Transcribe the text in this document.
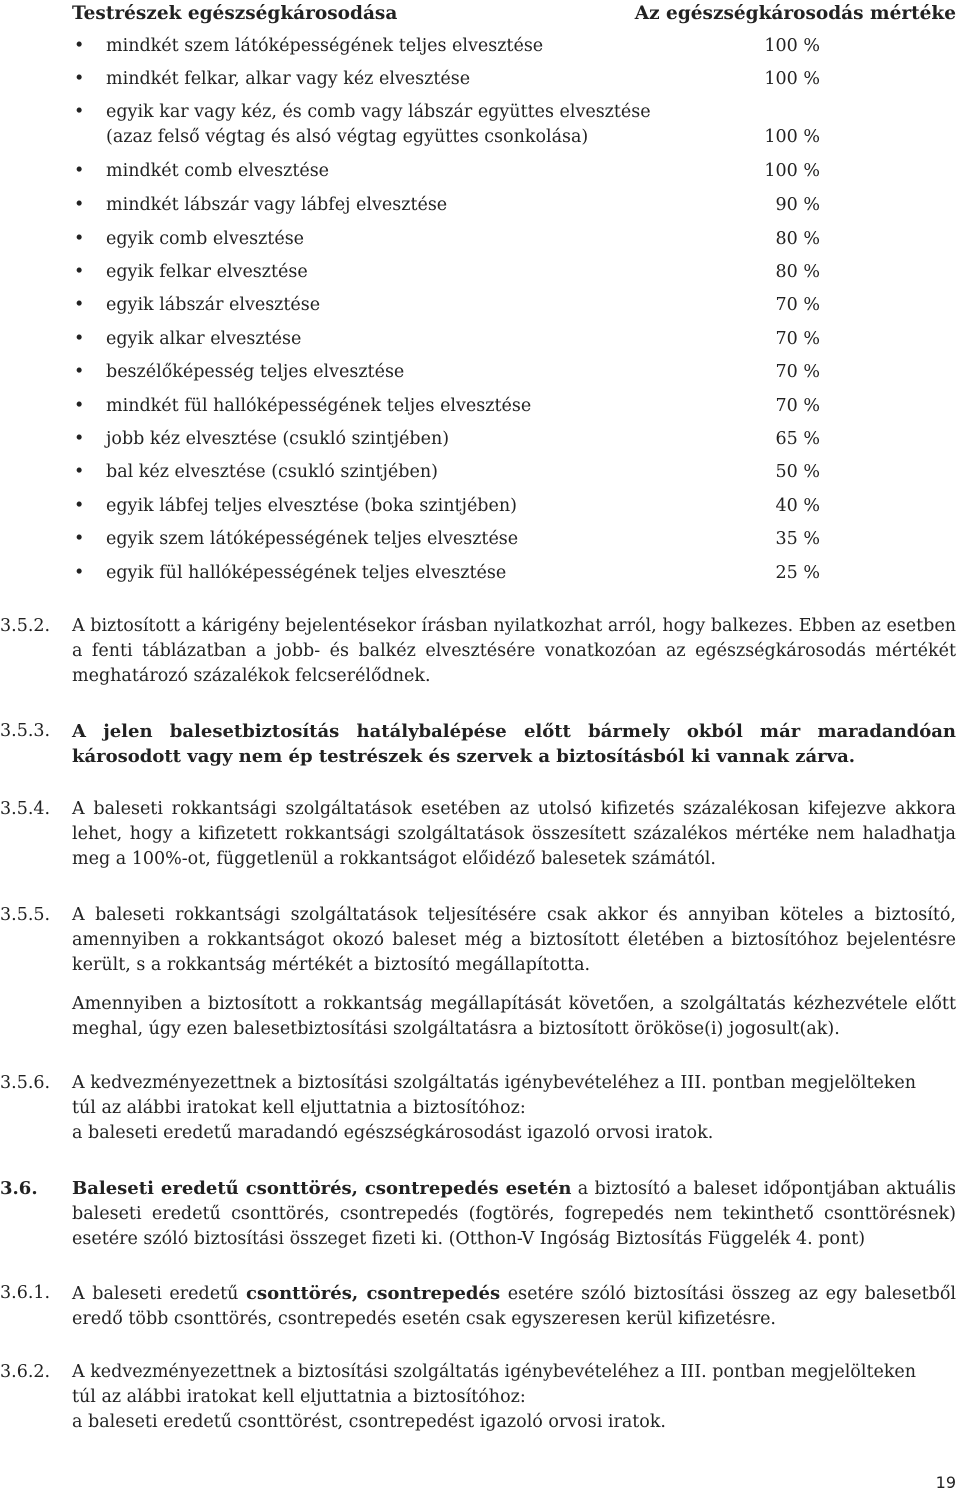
Testrészek egészségkárosodása	Az egészségkárosodás mértéke
• mindkét szem látóképességének teljes elvesztése	100 %
• mindkét felkar, alkar vagy kéz elvesztése	100 %
• egyik kar vagy kéz, és comb vagy lábszár együttes elvesztése
(azaz felső végtag és alsó végtag együttes csonkolása)	100 %
• mindkét comb elvesztése	100 %
• mindkét lábszár vagy lábfej elvesztése	90 %
• egyik comb elvesztése	80 %
• egyik felkar elvesztése	80 %
• egyik lábszár elvesztése	70 %
• egyik alkar elvesztése	70 %
• beszélőképesség teljes elvesztése	70 %
• mindkét fül hallóképességének teljes elvesztése	70 %
• jobb kéz elvesztése (csukló szintjében)	65 %
• bal kéz elvesztése (csukló szintjében)	50 %
• egyik lábfej teljes elvesztése (boka szintjében)	40 %
• egyik szem látóképességének teljes elvesztése	35 %
• egyik fül hallóképességének teljes elvesztése	25 %
3.5.2. A biztosított a kárigény bejelentésekor írásban nyilatkozhat arról, hogy balkezes. Ebben az esetben a fenti táblázatban a jobb- és balkéz elvesztésére vonatkozóan az egészségkárosodás mértékét meghatározó százalékok felcserélődnek.
3.5.3. A jelen balesetbiztosítás hatálybalépése előtt bármely okból már maradandóan károsodott vagy nem ép testrészek és szervek a biztosításból ki vannak zárva.
3.5.4. A baleseti rokkantsági szolgáltatások esetében az utolsó kifizetés százalékosan kifejezve akkora lehet, hogy a kifizetett rokkantsági szolgáltatások összesített százalékos mértéke nem haladhatja meg a 100%-ot, függetlenül a rokkantságot előidéző balesetek számától.
3.5.5. A baleseti rokkantsági szolgáltatások teljesítésére csak akkor és annyiban köteles a biztosító, amennyiben a rokkantságot okozó baleset még a biztosított életében a biztosítóhoz bejelentésre került, s a rokkantság mértékét a biztosító megállapította.
Amennyiben a biztosított a rokkantság megállapítását követően, a szolgáltatás kézhezvétele előtt meghal, úgy ezen balesetbiztosítási szolgáltatásra a biztosított örököse(i) jogosult(ak).
3.5.6. A kedvezményezettnek a biztosítási szolgáltatás igénybevételéhez a III. pontban megjelölteken

túl az alábbi iratokat kell eljuttatnia a biztosítóhoz:

a baleseti eredetű maradandó egészségkárosodást igazoló orvosi iratok.

3.6. Baleseti eredetű csonttörés, csontrepedés esetén a biztosító a baleset időpontjában aktuális baleseti eredetű csonttörés, csontrepedés (fogtörés, fogrepedés nem tekinthető csonttörésnek) esetére szóló biztosítási összeget fizeti ki. (Otthon-V Ingóság Biztosítás Függelék 4. pont)
3.6.1. A baleseti eredetű csonttörés, csontrepedés esetére szóló biztosítási összeg az egy balesetből eredő több csonttörés, csontrepedés esetén csak egyszeresen kerül kifizetésre.
3.6.2. A kedvezményezettnek a biztosítási szolgáltatás igénybevételéhez a III. pontban megjelölteken

túl az alábbi iratokat kell eljuttatnia a biztosítóhoz:

a baleseti eredetű csonttörést, csontrepedést igazoló orvosi iratok.

19
